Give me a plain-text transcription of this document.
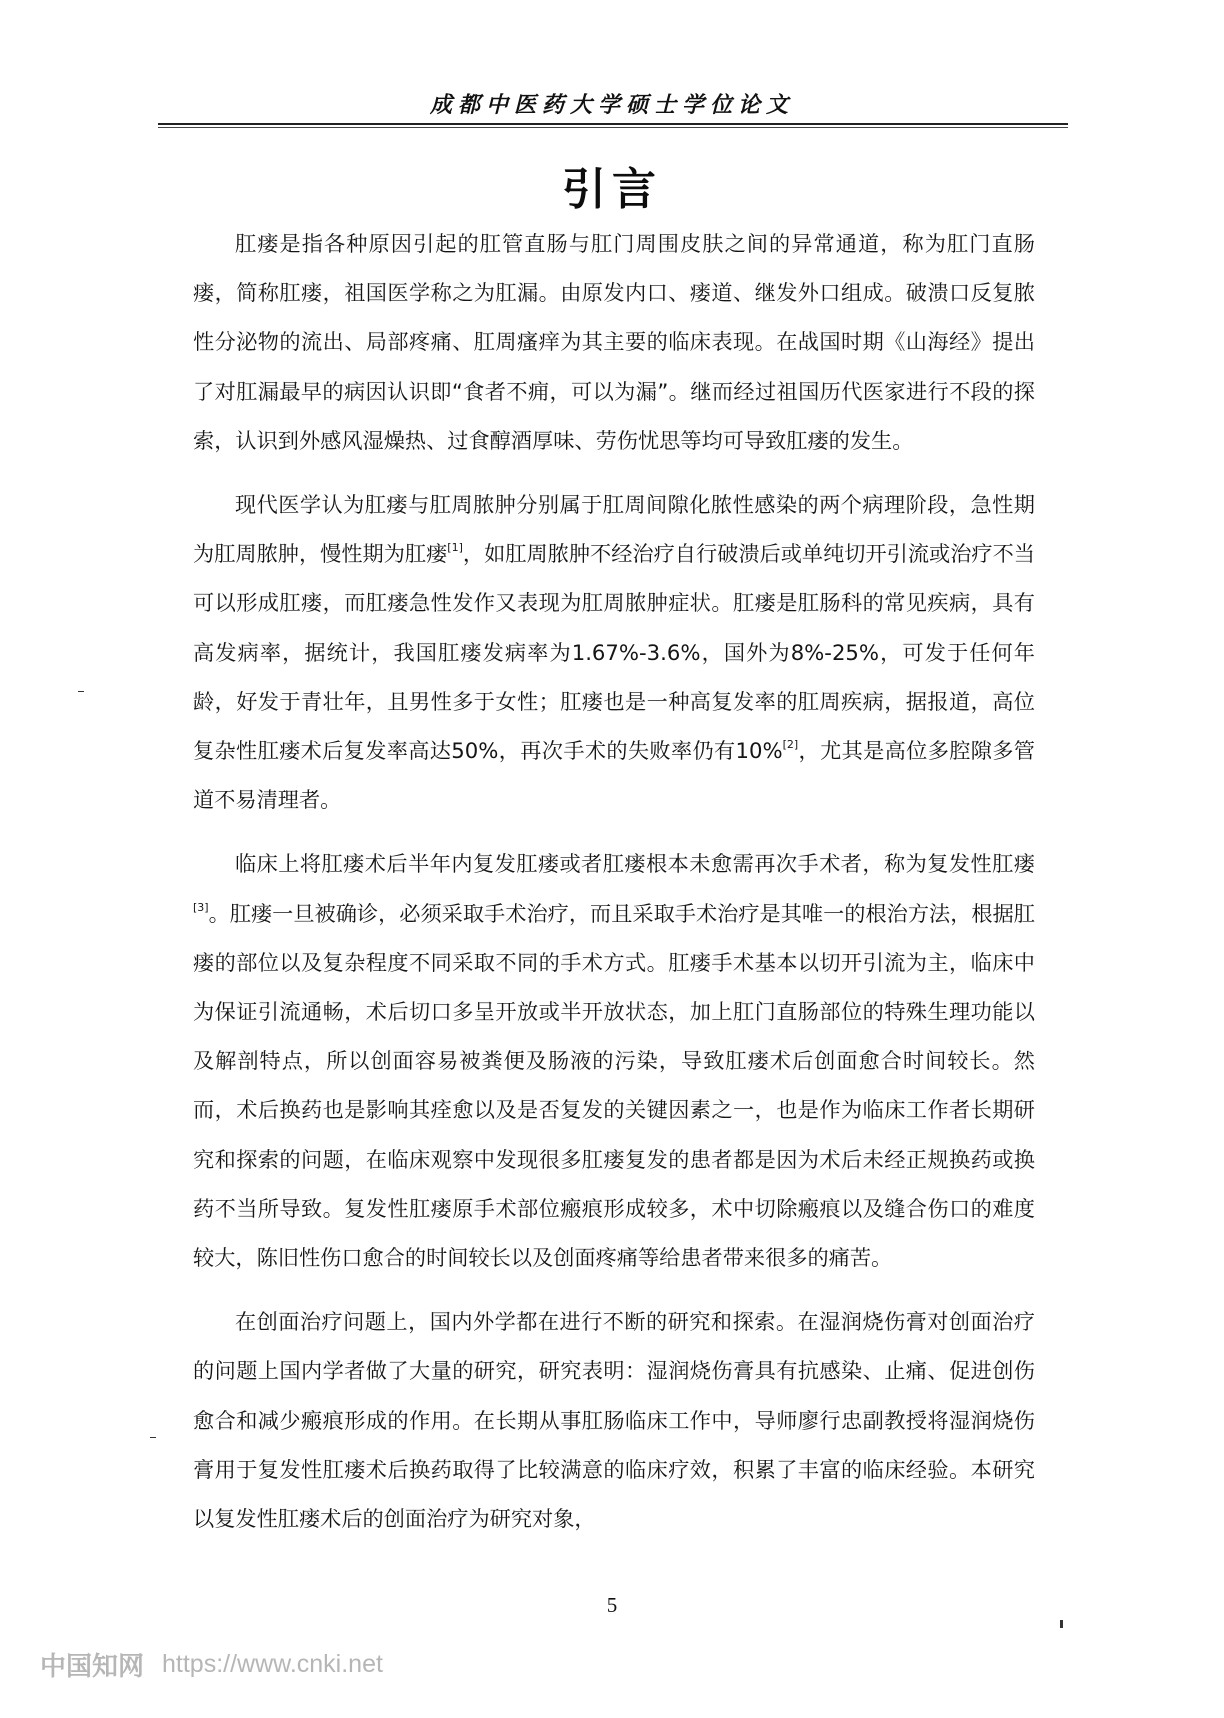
成都中医药大学硕士学位论文
引言

肛瘘是指各种原因引起的肛管直肠与肛门周围皮肤之间的异常通道，称为肛门直肠瘘，简称肛瘘，祖国医学称之为肛漏。由原发内口、瘘道、继发外口组成。破溃口反复脓性分泌物的流出、局部疼痛、肛周瘙痒为其主要的临床表现。在战国时期《山海经》提出了对肛漏最早的病因认识即“食者不痈，可以为漏”。继而经过祖国历代医家进行不段的探索，认识到外感风湿燥热、过食醇酒厚味、劳伤忧思等均可导致肛瘘的发生。

现代医学认为肛瘘与肛周脓肿分别属于肛周间隙化脓性感染的两个病理阶段，急性期为肛周脓肿，慢性期为肛瘘[1]，如肛周脓肿不经治疗自行破溃后或单纯切开引流或治疗不当可以形成肛瘘，而肛瘘急性发作又表现为肛周脓肿症状。肛瘘是肛肠科的常见疾病，具有高发病率，据统计，我国肛瘘发病率为1.67%-3.6%，国外为8%-25%，可发于任何年龄，好发于青壮年，且男性多于女性；肛瘘也是一种高复发率的肛周疾病，据报道，高位复杂性肛瘘术后复发率高达50%，再次手术的失败率仍有10%[2]，尤其是高位多腔隙多管道不易清理者。

临床上将肛瘘术后半年内复发肛瘘或者肛瘘根本未愈需再次手术者，称为复发性肛瘘[3]。肛瘘一旦被确诊，必须采取手术治疗，而且采取手术治疗是其唯一的根治方法，根据肛瘘的部位以及复杂程度不同采取不同的手术方式。肛瘘手术基本以切开引流为主，临床中为保证引流通畅，术后切口多呈开放或半开放状态，加上肛门直肠部位的特殊生理功能以及解剖特点，所以创面容易被粪便及肠液的污染，导致肛瘘术后创面愈合时间较长。然而，术后换药也是影响其痊愈以及是否复发的关键因素之一，也是作为临床工作者长期研究和探索的问题，在临床观察中发现很多肛瘘复发的患者都是因为术后未经正规换药或换药不当所导致。复发性肛瘘原手术部位瘢痕形成较多，术中切除瘢痕以及缝合伤口的难度较大，陈旧性伤口愈合的时间较长以及创面疼痛等给患者带来很多的痛苦。

在创面治疗问题上，国内外学都在进行不断的研究和探索。在湿润烧伤膏对创面治疗的问题上国内学者做了大量的研究，研究表明：湿润烧伤膏具有抗感染、止痛、促进创伤愈合和减少瘢痕形成的作用。在长期从事肛肠临床工作中，导师廖行忠副教授将湿润烧伤膏用于复发性肛瘘术后换药取得了比较满意的临床疗效，积累了丰富的临床经验。本研究以复发性肛瘘术后的创面治疗为研究对象，

5
中国知网 https://www.cnki.net
